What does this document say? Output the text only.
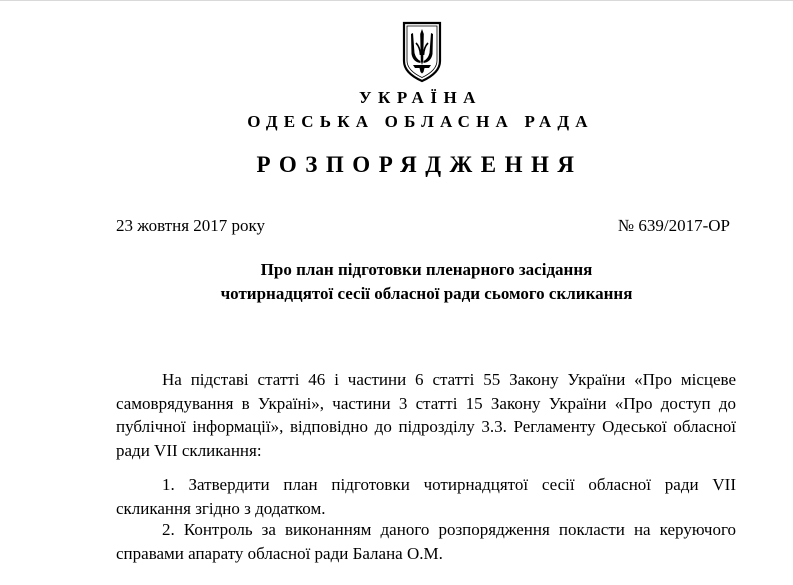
УКРАЇНА
ОДЕСЬКА ОБЛАСНА РАДА
РОЗПОРЯДЖЕННЯ
23 жовтня 2017 року	№ 639/2017-ОР
Про план підготовки пленарного засідання
чотирнадцятої сесії обласної ради сьомого скликання

На підставі статті 46 і частини 6 статті 55 Закону України «Про місцеве самоврядування в Україні», частини 3 статті 15 Закону України «Про доступ до публічної інформації», відповідно до підрозділу 3.3. Регламенту Одеської обласної ради VII скликання:

1. Затвердити план підготовки чотирнадцятої сесії обласної ради VII скликання згідно з додатком.

2. Контроль за виконанням даного розпорядження покласти на керуючого справами апарату обласної ради Балана О.М.
